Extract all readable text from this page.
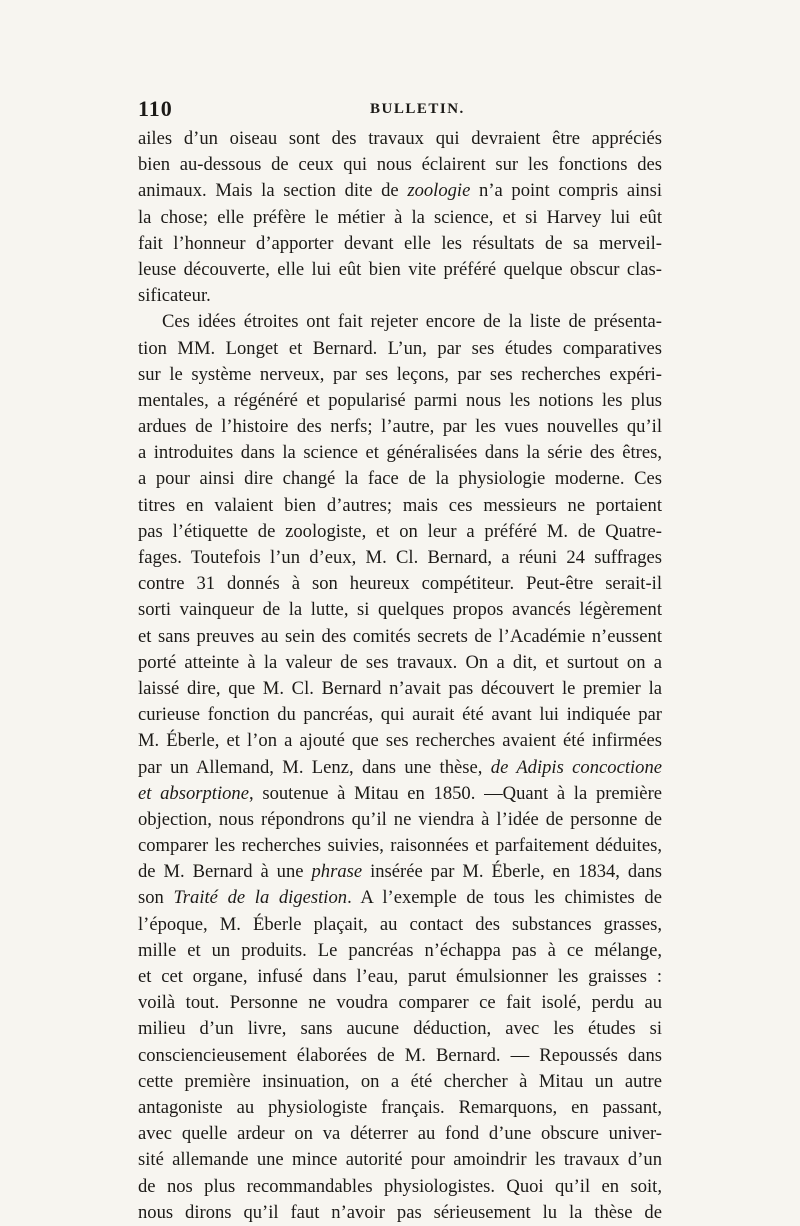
110	BULLETIN.
ailes d’un oiseau sont des travaux qui devraient être appréciés
bien au-dessous de ceux qui nous éclairent sur les fonctions des
animaux. Mais la section dite de zoologie n’a point compris ainsi
la chose; elle préfère le métier à la science, et si Harvey lui eût
fait l’honneur d’apporter devant elle les résultats de sa merveil-
leuse découverte, elle lui eût bien vite préféré quelque obscur clas-
sificateur.
Ces idées étroites ont fait rejeter encore de la liste de présenta-
tion MM. Longet et Bernard. L’un, par ses études comparatives
sur le système nerveux, par ses leçons, par ses recherches expéri-
mentales, a régénéré et popularisé parmi nous les notions les plus
ardues de l’histoire des nerfs; l’autre, par les vues nouvelles qu’il
a introduites dans la science et généralisées dans la série des êtres,
a pour ainsi dire changé la face de la physiologie moderne. Ces
titres en valaient bien d’autres; mais ces messieurs ne portaient
pas l’étiquette de zoologiste, et on leur a préféré M. de Quatre-
fages. Toutefois l’un d’eux, M. Cl. Bernard, a réuni 24 suffrages
contre 31 donnés à son heureux compétiteur. Peut-être serait-il
sorti vainqueur de la lutte, si quelques propos avancés légèrement
et sans preuves au sein des comités secrets de l’Académie n’eussent
porté atteinte à la valeur de ses travaux. On a dit, et surtout on a
laissé dire, que M. Cl. Bernard n’avait pas découvert le premier la
curieuse fonction du pancréas, qui aurait été avant lui indiquée par
M. Éberle, et l’on a ajouté que ses recherches avaient été infirmées
par un Allemand, M. Lenz, dans une thèse, de Adipis concoctione
et absorptione, soutenue à Mitau en 1850. —Quant à la première
objection, nous répondrons qu’il ne viendra à l’idée de personne de
comparer les recherches suivies, raisonnées et parfaitement déduites,
de M. Bernard à une phrase insérée par M. Éberle, en 1834, dans
son Traité de la digestion. A l’exemple de tous les chimistes de
l’époque, M. Éberle plaçait, au contact des substances grasses,
mille et un produits. Le pancréas n’échappa pas à ce mélange,
et cet organe, infusé dans l’eau, parut émulsionner les graisses :
voilà tout. Personne ne voudra comparer ce fait isolé, perdu au
milieu d’un livre, sans aucune déduction, avec les études si
consciencieusement élaborées de M. Bernard. — Repoussés dans
cette première insinuation, on a été chercher à Mitau un autre
antagoniste au physiologiste français. Remarquons, en passant,
avec quelle ardeur on va déterrer au fond d’une obscure univer-
sité allemande une mince autorité pour amoindrir les travaux d’un
de nos plus recommandables physiologistes. Quoi qu’il en soit,
nous dirons qu’il faut n’avoir pas sérieusement lu la thèse de
